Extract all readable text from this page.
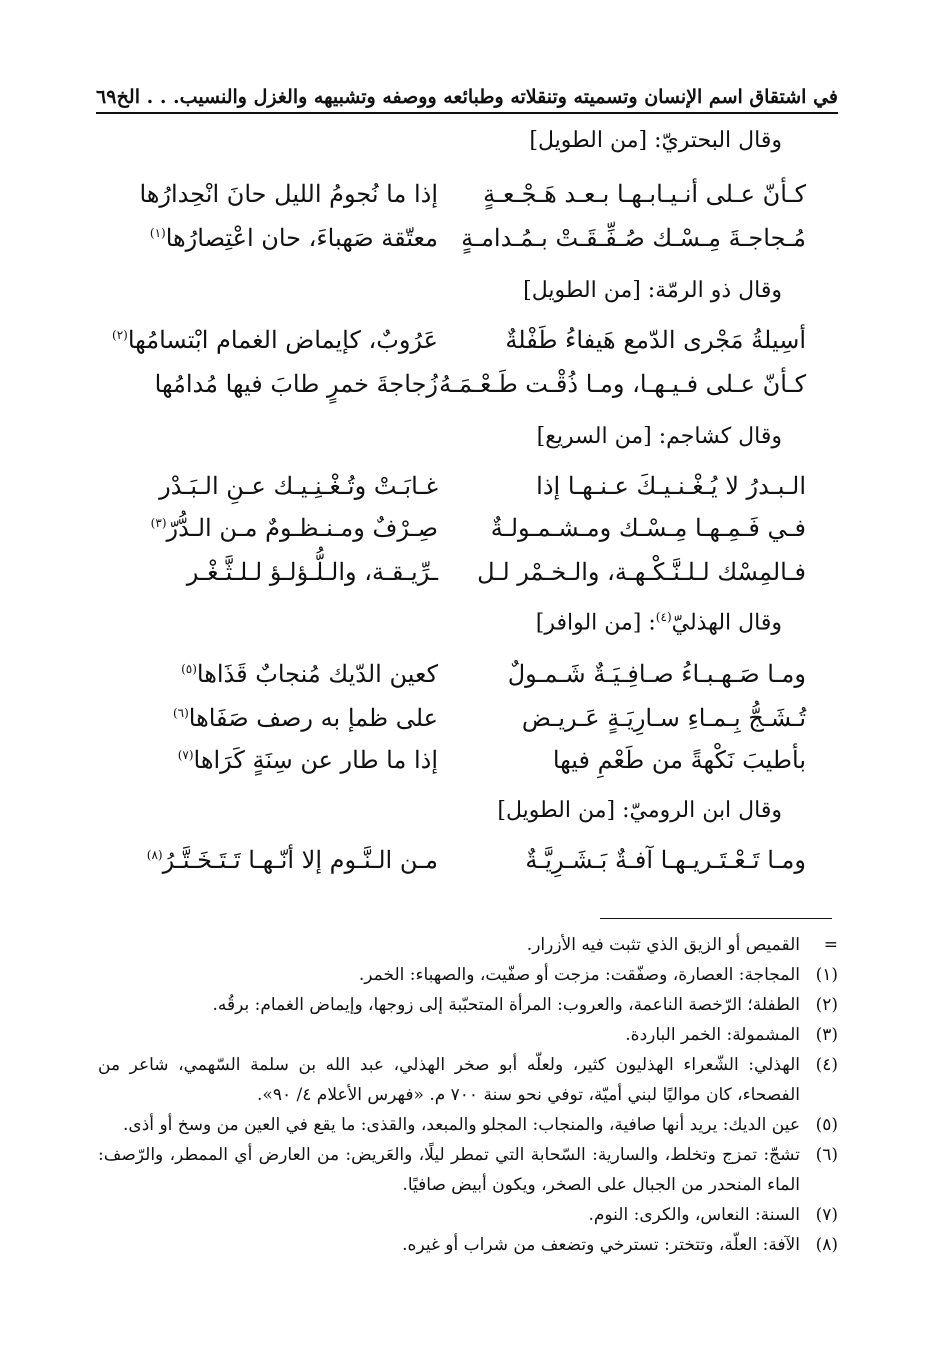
في اشتقاق اسم الإنسان وتسميته وتنقلاته وطبائعه ووصفه وتشبيهه والغزل والنسيب. . . الخ
٦٩
وقال البحتريّ: [من الطويل]
كـأنّ عـلى أنـيـابـهـا بـعـد هَـجْـعـةٍ
إذا ما نُجومُ الليل حانَ انْحِدارُها
مُـجاجـةَ مِـسْـك صُـفِّـقَـتْ بـمُـدامـةٍ
معتّقة صَهباءَ، حان اعْتِصارُها$^{(١)}$
وقال ذو الرمّة: [من الطويل]
أسِيلةُ مَجْرى الدّمع هَيفاءُ طَفْلةٌ
عَرُوبٌ، كإيماض الغمام ابْتسامُها$^{(٢)}$
كـأنّ عـلى فـيـهـا، ومـا ذُقْـت طَـعْـمَـهُ
زُجاجةَ خمرٍ طابَ فيها مُدامُها
وقال كشاجم: [من السريع]
الـبـدرُ لا يُـغْـنـيـكَ عـنـهـا إذا
غـابَـتْ وتُـغْـنِـيـك عـنِ الـبَـدْر
فـي فَـمِـهـا مِـسْـك ومـشـمـولـةٌ
صِـرْفٌ ومـنـظـومٌ مـن الـدُّرّ$^{(٣)}$
فـالمِسْك لـلـنَّـكْـهـة، والـخـمْر لـل
ـرِّيـقـة، والـلُّـؤلـؤ لـلـثَّـغْـر
وقال الهذليّ$^{(٤)}$: [من الوافر]
ومـا صَـهـبـاءُ صـافِـيَـةٌ شَـمـولٌ
كعين الدّيك مُنجابٌ قَذَاها$^{(٥)}$
تُـشَـجُّ بِـمـاءِ سـارِيَـةٍ عَـريـض
على ظمإ به رصف صَفَاها$^{(٦)}$
بأطيبَ نَكْهةً من طَعْمِ فيها
إذا ما طار عن سِنَةٍ كَرَاها$^{(٧)}$
وقال ابن الروميّ: [من الطويل]
ومـا تَـعْـتَـريـهـا آفـةٌ بَـشَـرِيَّـةٌ
مـن الـنَّـوم إلا أنّـهـا تَـتَـخَـتَّـرُ$^{(٨)}$
=
القميص أو الزيق الذي تثبت فيه الأزرار.
(١)
المجاجة: العصارة، وصفّقت: مزجت أو صفّيت، والصهباء: الخمر.
(٢)
الطفلة؛ الرّخصة الناعمة، والعروب: المرأة المتحبّبة إلى زوجها، وإيماض الغمام: برقُه.
(٣)
المشمولة: الخمر الباردة.
(٤)
الهذلي: الشّعراء الهذليون كثير، ولعلّه أبو صخر الهذلي، عبد الله بن سلمة السّهمي، شاعر من الفصحاء، كان مواليًا لبني أميّة، توفي نحو سنة ٧٠٠ م. «فهرس الأعلام ٤/ ٩٠».
(٥)
عين الديك: يريد أنها صافية، والمنجاب: المجلو والمبعد، والقذى: ما يقع في العين من وسخ أو أذى.
(٦)
تشجّ: تمزج وتخلط، والسارية: السّحابة التي تمطر ليلًا، والعَريض: من العارض أي الممطر، والرّصف: الماء المنحدر من الجبال على الصخر، ويكون أبيض صافيًا.
(٧)
السنة: النعاس، والكرى: النوم.
(٨)
الآفة: العلّة، وتتختر: تسترخي وتضعف من شراب أو غيره.
